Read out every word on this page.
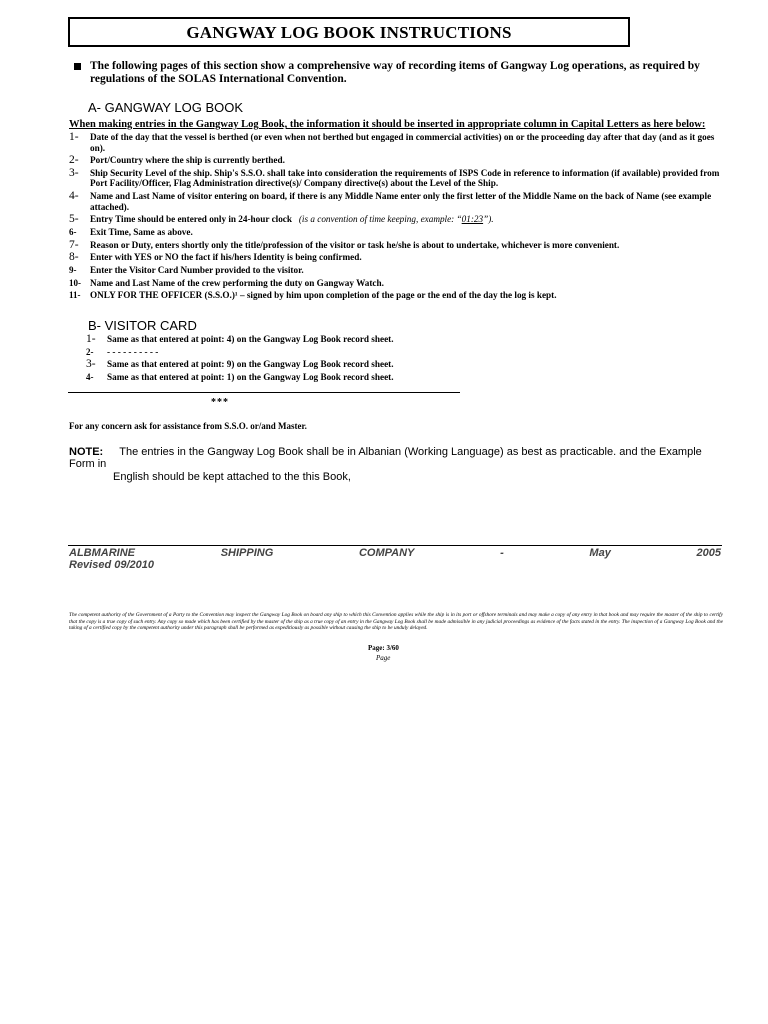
GANGWAY LOG BOOK INSTRUCTIONS
The following pages of this section show a comprehensive way of recording items of Gangway Log operations, as required by regulations of the SOLAS International Convention.
A- GANGWAY LOG BOOK
When making entries in the Gangway Log Book, the information it should be inserted in appropriate column in Capital Letters as here below:
1- Date of the day that the vessel is berthed (or even when not berthed but engaged in commercial activities) on or the proceeding day after that day (and as it goes on).
2- Port/Country where the ship is currently berthed.
3- Ship Security Level of the ship. Ship's S.S.O. shall take into consideration the requirements of ISPS Code in reference to information (if available) provided from Port Facility/Officer, Flag Administration directive(s)/ Company directive(s) about the Level of the Ship.
4- Name and Last Name of visitor entering on board, if there is any Middle Name enter only the first letter of the Middle Name on the back of Name (see example attached).
5- Entry Time should be entered only in 24-hour clock (is a convention of time keeping, example: “01:23”).
6- Exit Time, Same as above.
7- Reason or Duty, enters shortly only the title/profession of the visitor or task he/she is about to undertake, whichever is more convenient.
8- Enter with YES or NO the fact if his/hers Identity is being confirmed.
9- Enter the Visitor Card Number provided to the visitor.
10- Name and Last Name of the crew performing the duty on Gangway Watch.
11- ONLY FOR THE OFFICER (S.S.O.)¹ – signed by him upon completion of the page or the end of the day the log is kept.
B- VISITOR CARD
1- Same as that entered at point: 4) on the Gangway Log Book record sheet.
2- - - - - - - - - - -
3- Same as that entered at point: 9) on the Gangway Log Book record sheet.
4- Same as that entered at point: 1) on the Gangway Log Book record sheet.
***
For any concern ask for assistance from S.S.O. or/and Master.
NOTE: The entries in the Gangway Log Book shall be in Albanian (Working Language) as best as practicable. and the Example Form in
English should be kept attached to the this Book,
ALBMARINE	SHIPPING	COMPANY	-	May	2005
Revised 09/2010
The competent authority of the Government of a Party to the Convention may inspect the Gangway Log Book on board any ship to which this Convention applies while the ship is in its port or offshore terminals and may make a copy of any entry in that book and may require the master of the ship to certify that the copy is a true copy of such entry. Any copy so made which has been certified by the master of the ship as a true copy of an entry in the Gangway Log Book shall be made admissible in any judicial proceedings as evidence of the facts stated in the entry. The inspection of a Gangway Log Book and the taking of a certified copy by the competent authority under this paragraph shall be performed as expeditiously as possible without causing the ship to be unduly delayed.
Page: 3/60
Page
